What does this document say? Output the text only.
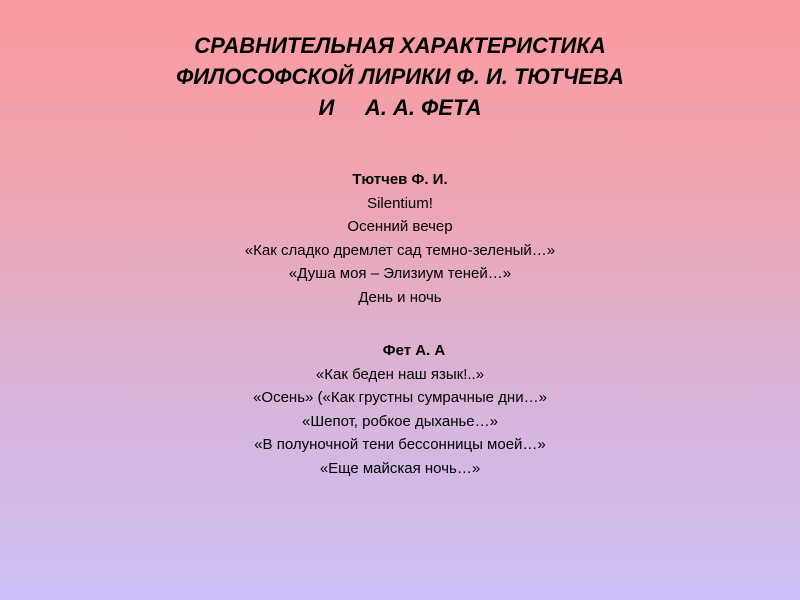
СРАВНИТЕЛЬНАЯ ХАРАКТЕРИСТИКА
ФИЛОСОФСКОЙ ЛИРИКИ Ф. И. ТЮТЧЕВА
И     А. А. ФЕТА
Тютчев Ф. И.
Silentium!
Осенний вечер
«Как сладко дремлет сад темно-зеленый…»
«Душа моя – Элизиум теней…»
День и ночь
Фет А. А
«Как беден наш язык!..»
«Осень» («Как грустны сумрачные дни…»
«Шепот, робкое дыханье…»
«В полуночной тени бессонницы моей…»
«Еще майская ночь…»
